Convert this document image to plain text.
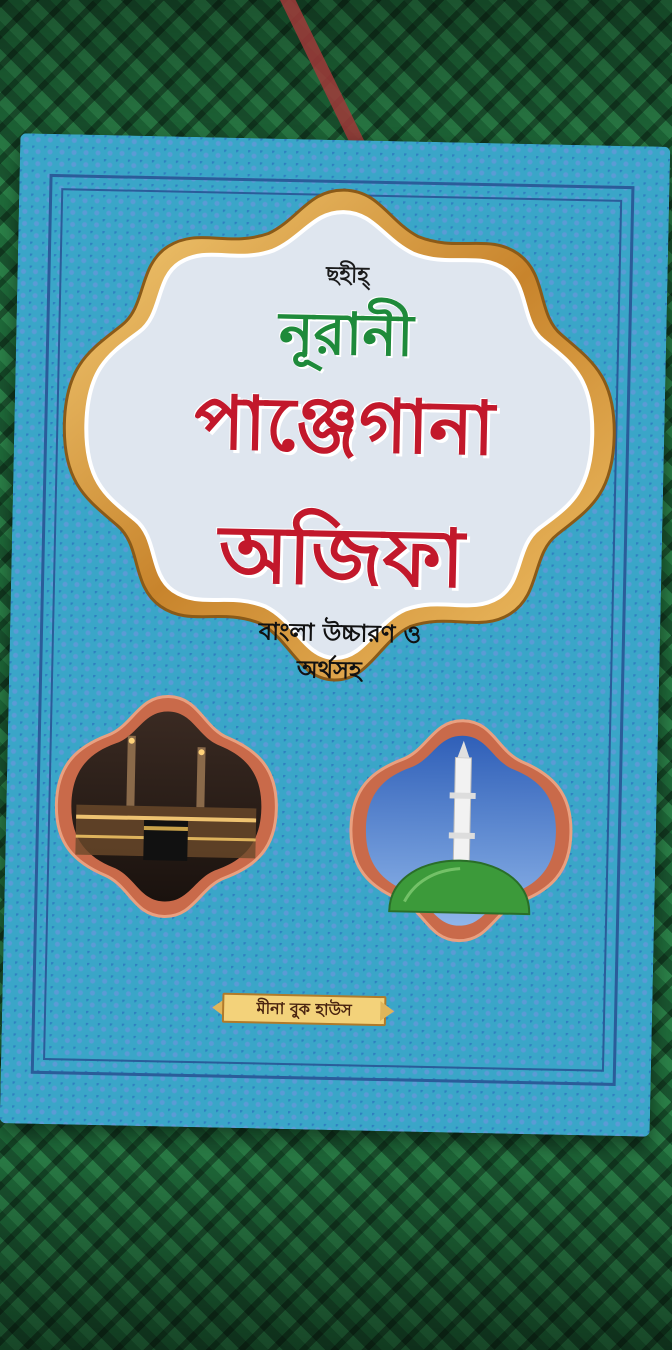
ছহীহ্
নূরানী
পাঞ্জেগানা
অজিফা
বাংলা উচ্চারণ ও
অর্থসহ
মীনা বুক হাউস
